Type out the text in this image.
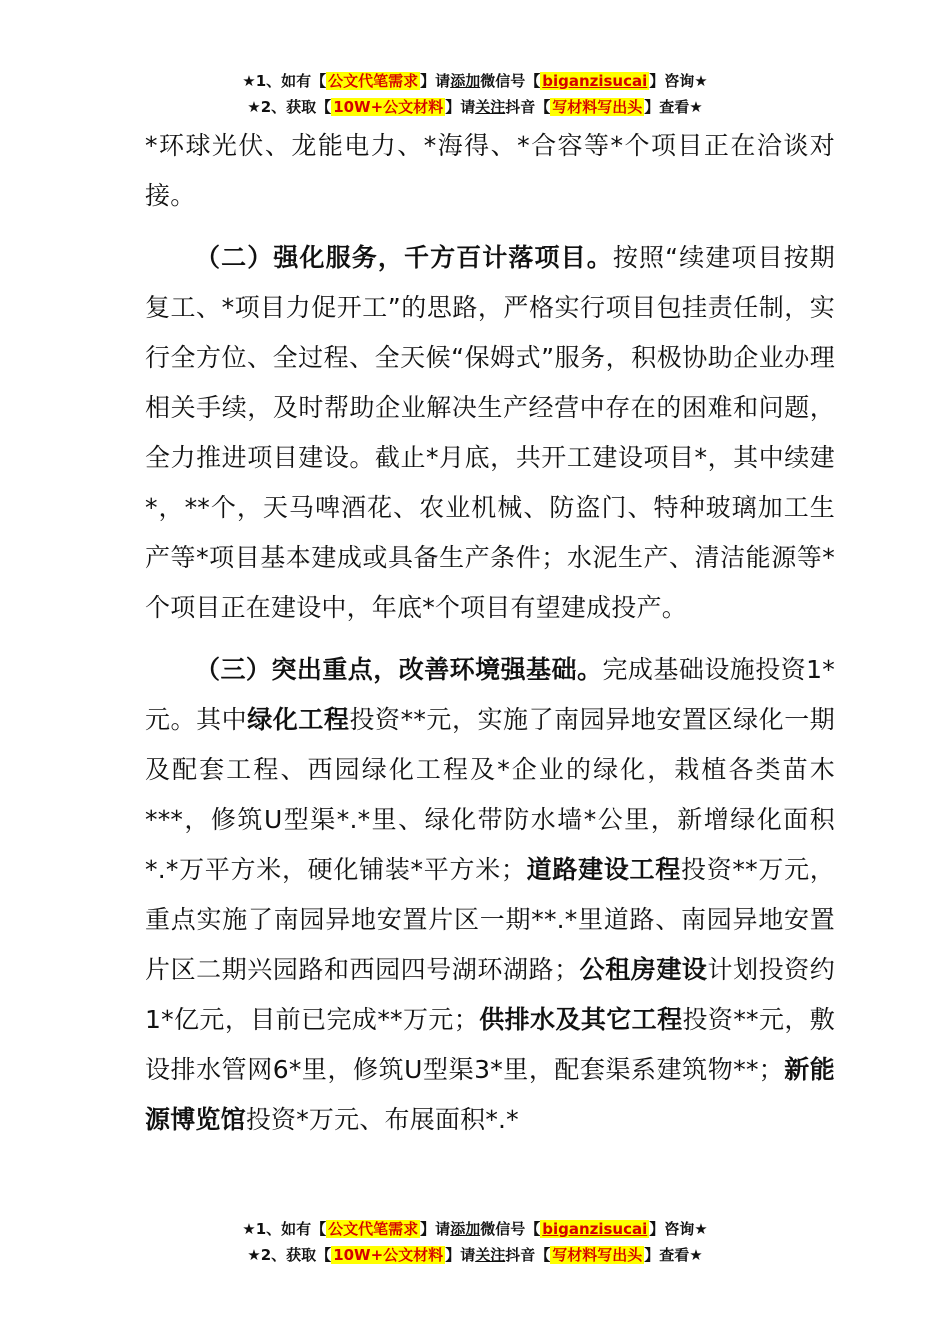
★1、如有【 公文代笔需求 】请添加微信号【 biganzisucai 】咨询★
★2、获取【 10W+公文材料 】请关注抖音【 写材料写出头 】查看★

*环球光伏、龙能电力、*海得、*合容等*个项目正在洽谈对接。

（二）强化服务，千方百计落项目。按照“续建项目按期复工、*项目力促开工”的思路，严格实行项目包挂责任制，实行全方位、全过程、全天候“保姆式”服务，积极协助企业办理相关手续，及时帮助企业解决生产经营中存在的困难和问题，全力推进项目建设。截止*月底，共开工建设项目*，其中续建*，**个，天马啤酒花、农业机械、防盗门、特种玻璃加工生产等*项目基本建成或具备生产条件；水泥生产、清洁能源等*个项目正在建设中，年底*个项目有望建成投产。

（三）突出重点，改善环境强基础。完成基础设施投资1*元。其中绿化工程投资**元，实施了南园异地安置区绿化一期及配套工程、西园绿化工程及*企业的绿化，栽植各类苗木***，修筑U型渠*.*里、绿化带防水墙*公里，新增绿化面积*.*万平方米，硬化铺装*平方米；道路建设工程投资**万元，重点实施了南园异地安置片区一期**.*里道路、南园异地安置片区二期兴园路和西园四号湖环湖路；公租房建设计划投资约1*亿元，目前已完成**万元；供排水及其它工程投资**元，敷设排水管网6*里，修筑U型渠3*里，配套渠系建筑物**；新能源博览馆投资*万元、布展面积*.*

★1、如有【 公文代笔需求 】请添加微信号【 biganzisucai 】咨询★
★2、获取【 10W+公文材料 】请关注抖音【 写材料写出头 】查看★
